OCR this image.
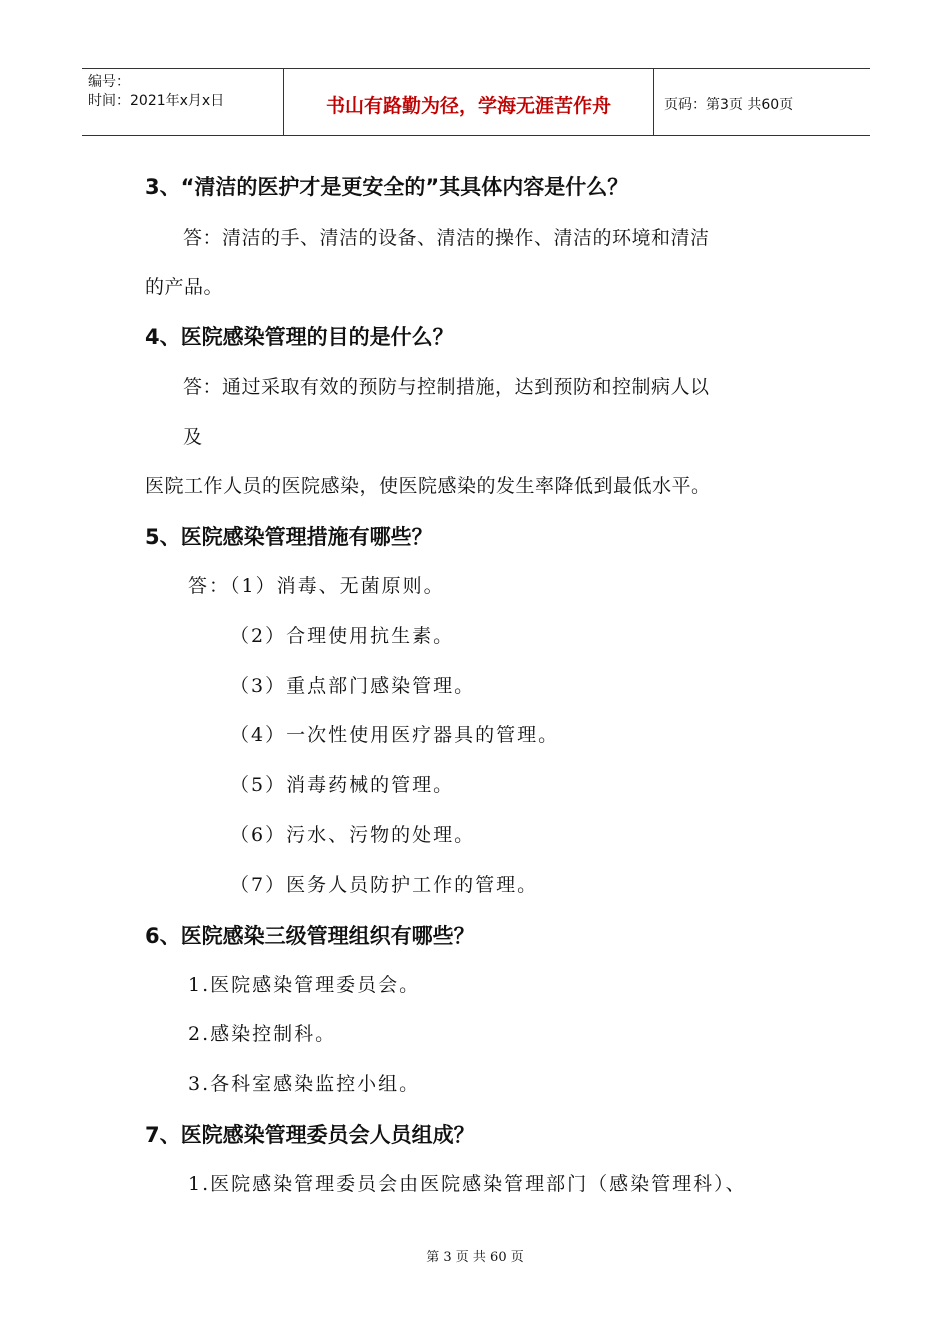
编号：
时间：2021年x月x日	书山有路勤为径，学海无涯苦作舟	页码：第3页 共60页
3、“清洁的医护才是更安全的”其具体内容是什么？
答：清洁的手、清洁的设备、清洁的操作、清洁的环境和清洁
的产品。
4、医院感染管理的目的是什么？
答：通过采取有效的预防与控制措施，达到预防和控制病人以
及
医院工作人员的医院感染，使医院感染的发生率降低到最低水平。
5、医院感染管理措施有哪些？
答：（1）消毒、无菌原则。
（2）合理使用抗生素。
（3）重点部门感染管理。
（4）一次性使用医疗器具的管理。
（5）消毒药械的管理。
（6）污水、污物的处理。
（7）医务人员防护工作的管理。
6、医院感染三级管理组织有哪些？
1.医院感染管理委员会。
2.感染控制科。
3.各科室感染监控小组。
7、医院感染管理委员会人员组成？
1.医院感染管理委员会由医院感染管理部门（感染管理科）、
第 3 页 共 60 页
